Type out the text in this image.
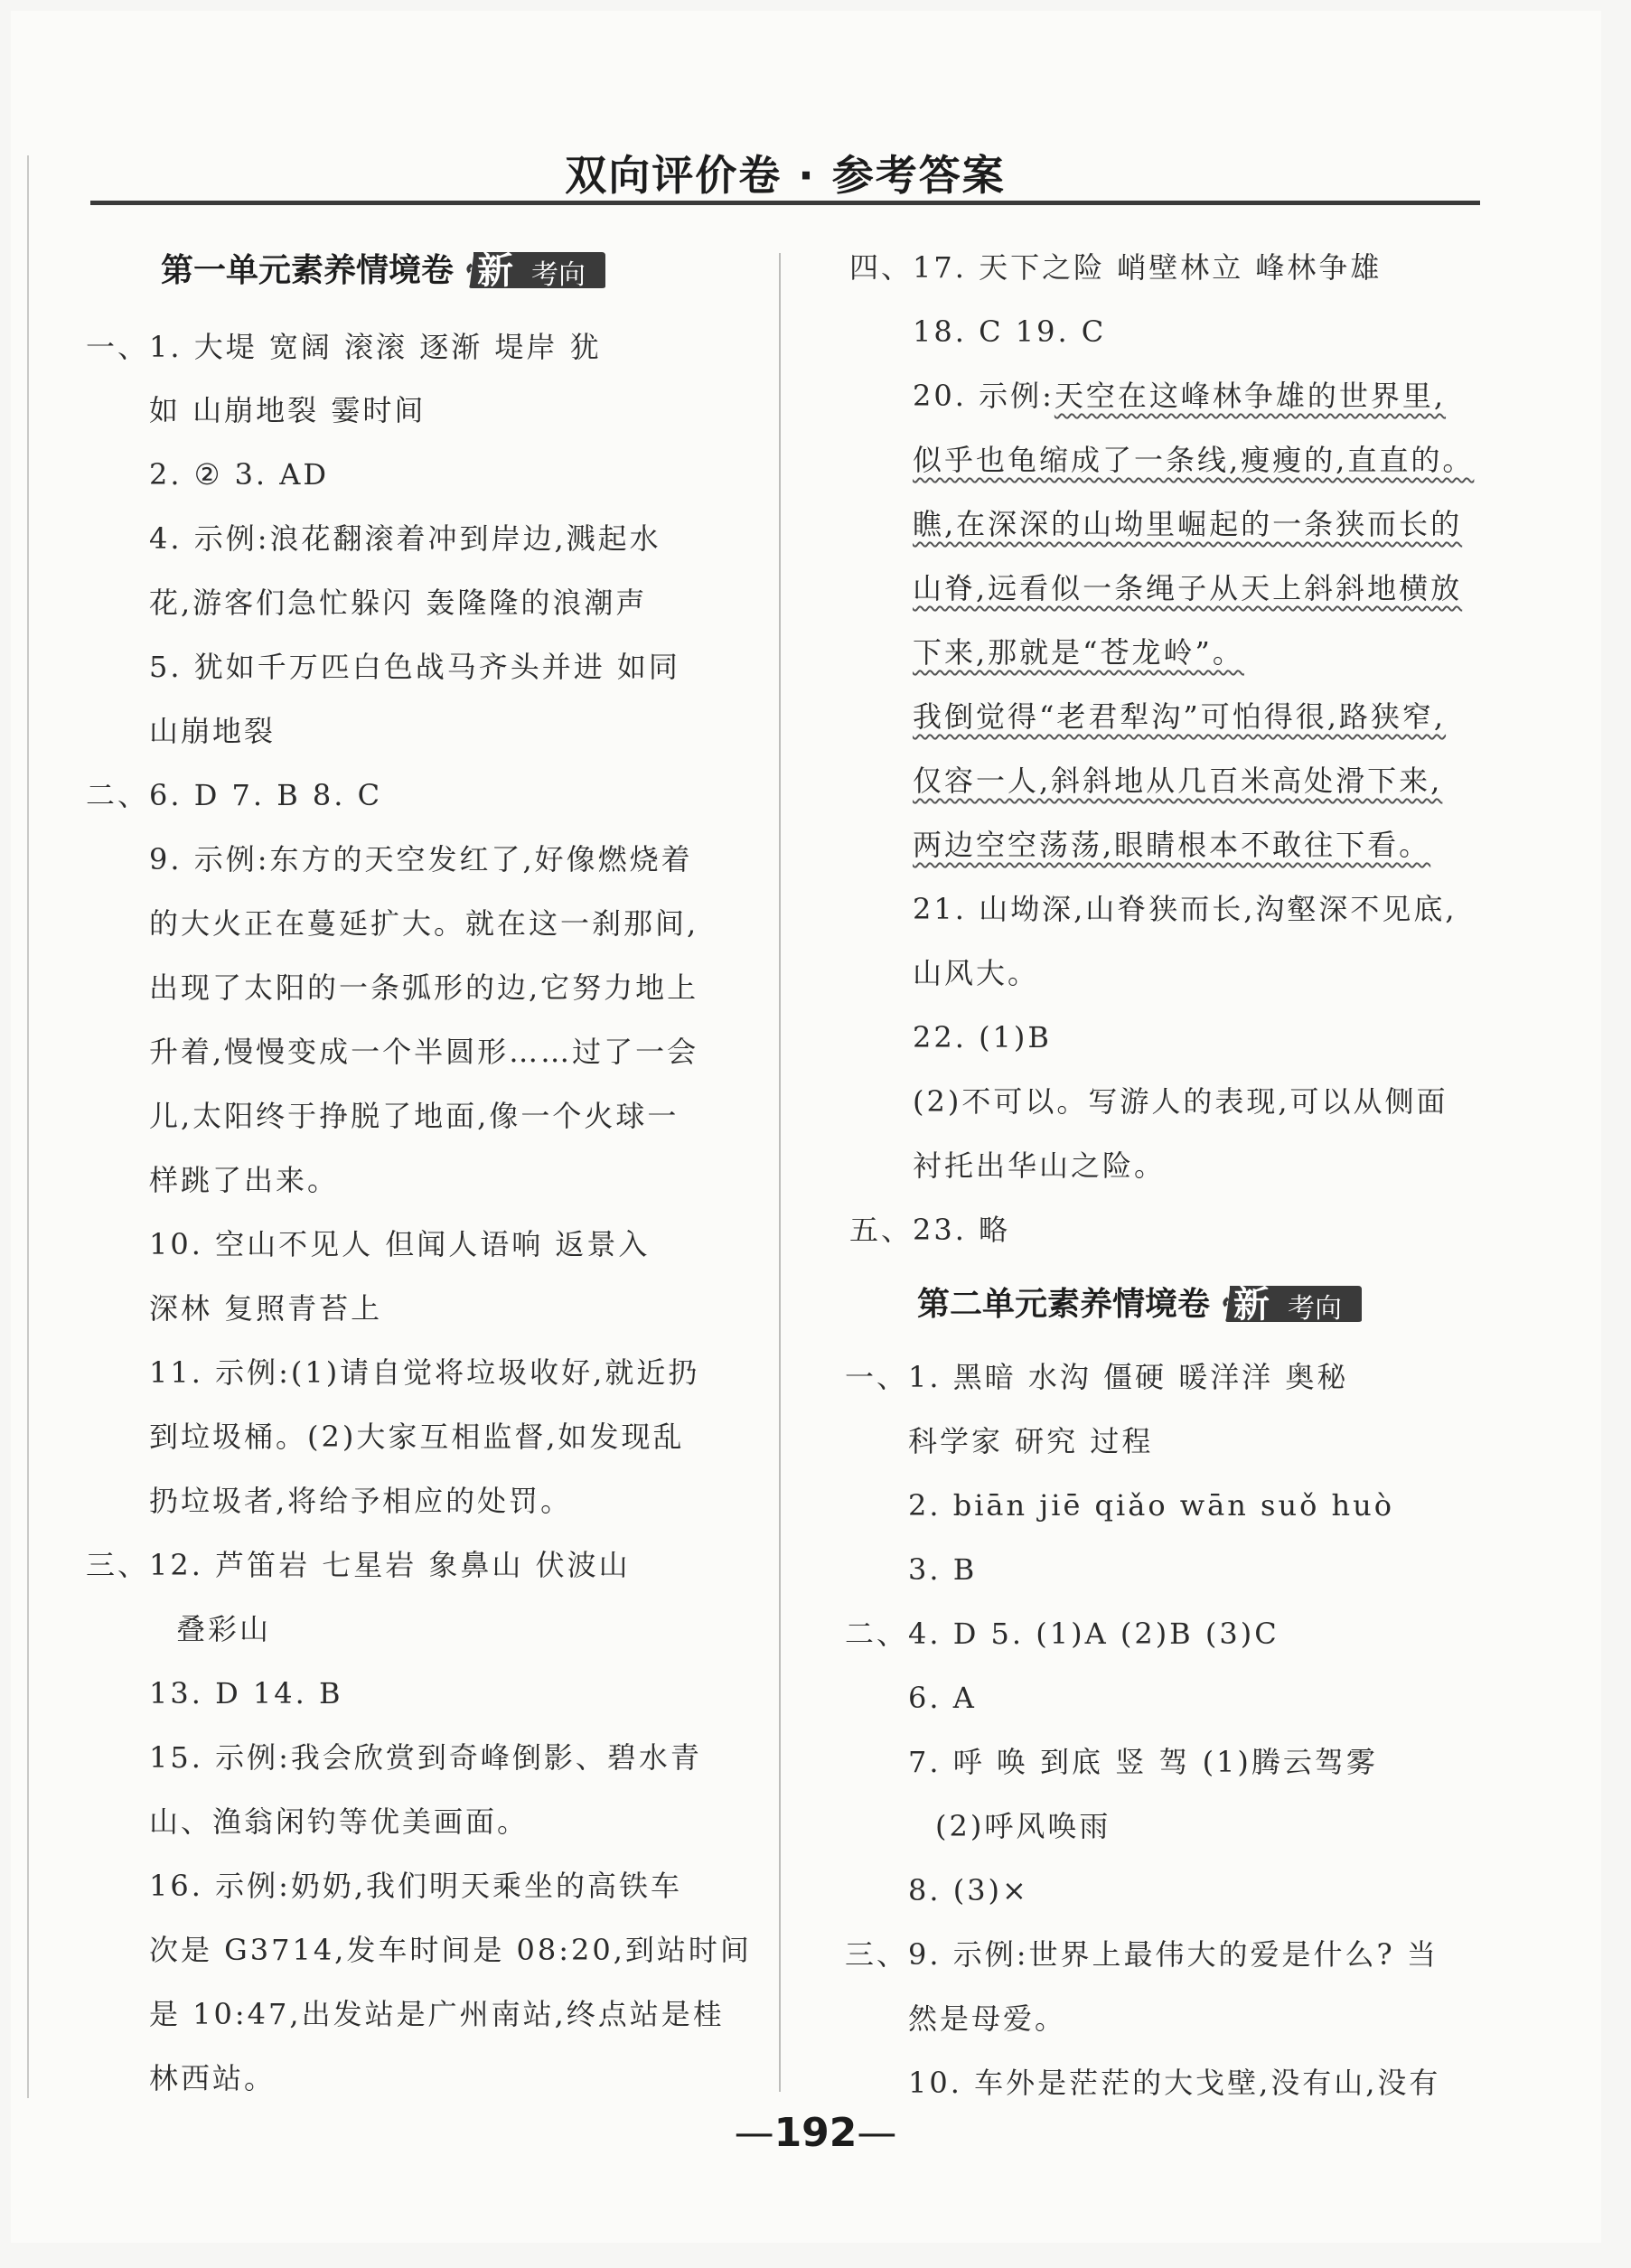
双向评价卷 · 参考答案
第一单元素养情境卷 新 考向
一、1. 大堤 宽阔 滚滚 逐渐 堤岸 犹
如 山崩地裂 霎时间
2. ② 3. AD
4. 示例:浪花翻滚着冲到岸边,溅起水
花,游客们急忙躲闪 轰隆隆的浪潮声
5. 犹如千万匹白色战马齐头并进 如同
山崩地裂
二、6. D 7. B 8. C
9. 示例:东方的天空发红了,好像燃烧着
的大火正在蔓延扩大。就在这一刹那间,
出现了太阳的一条弧形的边,它努力地上
升着,慢慢变成一个半圆形……过了一会
儿,太阳终于挣脱了地面,像一个火球一
样跳了出来。
10. 空山不见人 但闻人语响 返景入
深林 复照青苔上
11. 示例:(1)请自觉将垃圾收好,就近扔
到垃圾桶。(2)大家互相监督,如发现乱
扔垃圾者,将给予相应的处罚。
三、12. 芦笛岩 七星岩 象鼻山 伏波山
叠彩山
13. D 14. B
15. 示例:我会欣赏到奇峰倒影、碧水青
山、渔翁闲钓等优美画面。
16. 示例:奶奶,我们明天乘坐的高铁车
次是 G3714,发车时间是 08:20,到站时间
是 10:47,出发站是广州南站,终点站是桂
林西站。
四、17. 天下之险 峭壁林立 峰林争雄
18. C 19. C
20. 示例:天空在这峰林争雄的世界里,
似乎也龟缩成了一条线,瘦瘦的,直直的。
瞧,在深深的山坳里崛起的一条狭而长的
山脊,远看似一条绳子从天上斜斜地横放
下来,那就是“苍龙岭”。
我倒觉得“老君犁沟”可怕得很,路狭窄,
仅容一人,斜斜地从几百米高处滑下来,
两边空空荡荡,眼睛根本不敢往下看。
21. 山坳深,山脊狭而长,沟壑深不见底,
山风大。
22. (1)B
(2)不可以。写游人的表现,可以从侧面
衬托出华山之险。
五、23. 略
第二单元素养情境卷 新 考向
一、1. 黑暗 水沟 僵硬 暖洋洋 奥秘
科学家 研究 过程
2. biān jiē qiǎo wān suǒ huò
3. B
二、4. D 5. (1)A (2)B (3)C
6. A
7. 呼 唤 到底 竖 驾 (1)腾云驾雾
(2)呼风唤雨
8. (3)×
三、9. 示例:世界上最伟大的爱是什么? 当
然是母爱。
10. 车外是茫茫的大戈壁,没有山,没有
—192—
